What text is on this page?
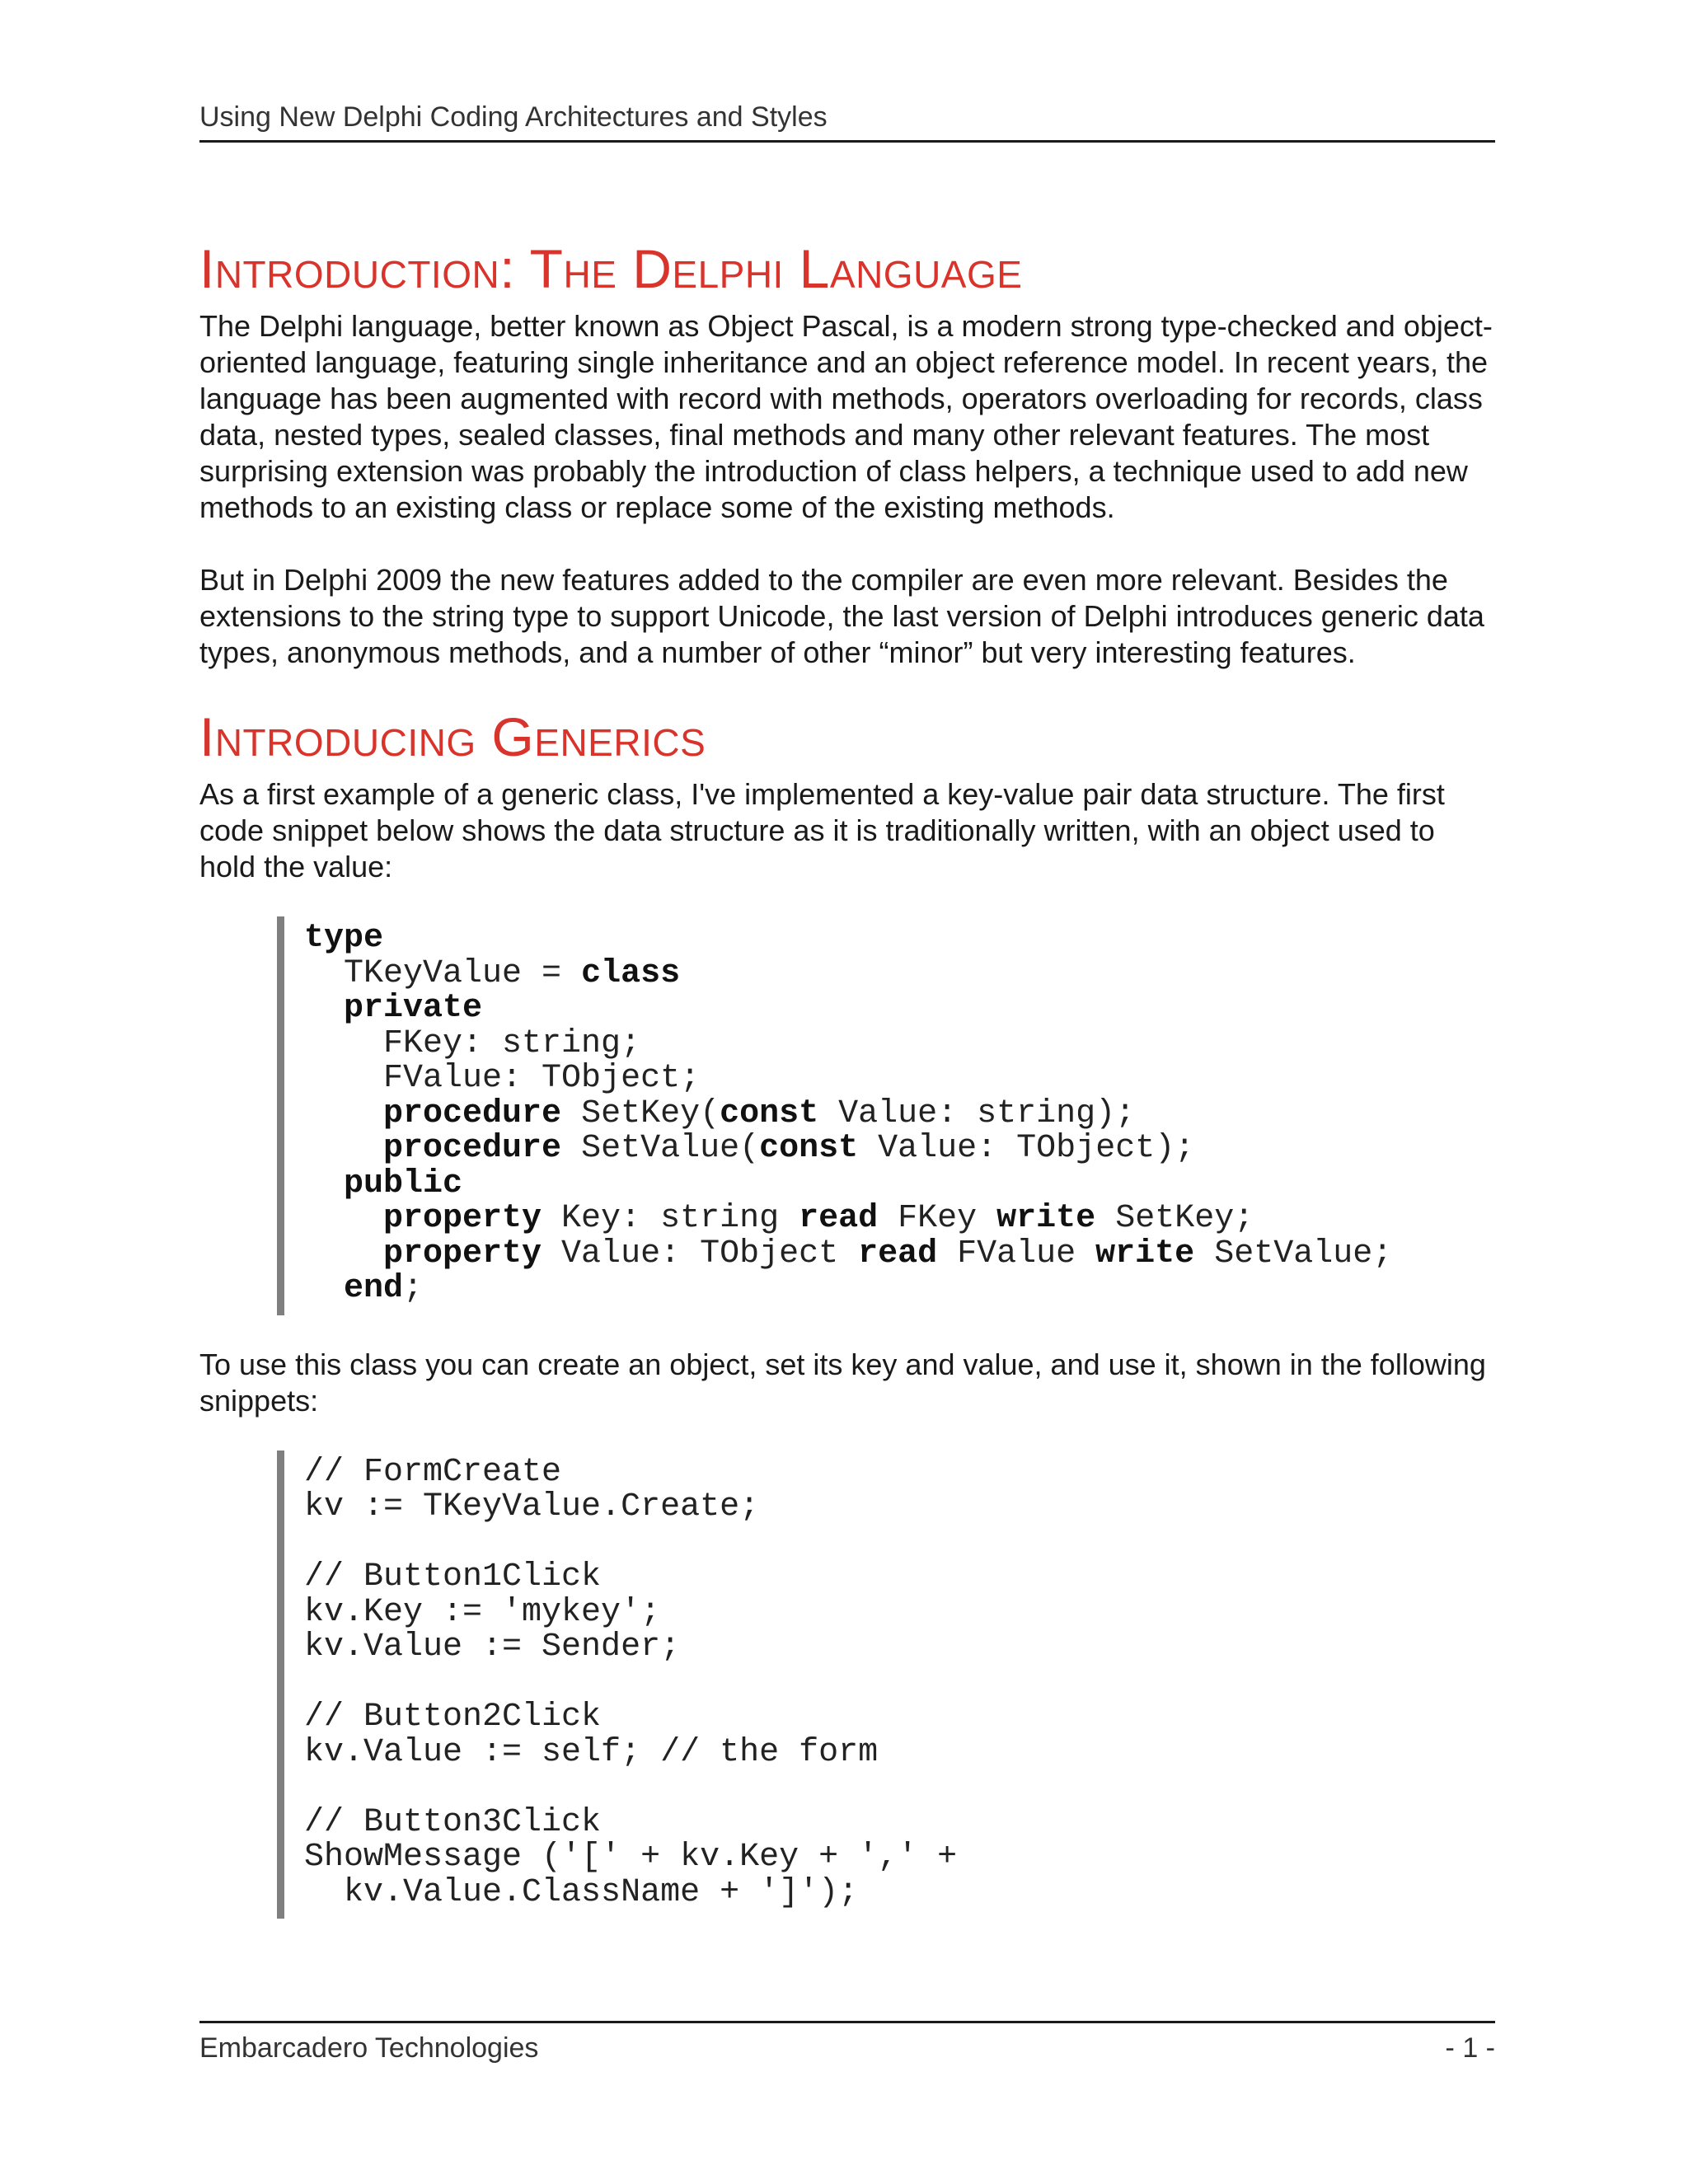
Using New Delphi Coding Architectures and Styles
Introduction: The Delphi Language

The Delphi language, better known as Object Pascal, is a modern strong type-checked and object-oriented language, featuring single inheritance and an object reference model. In recent years, the language has been augmented with record with methods, operators overloading for records, class data, nested types, sealed classes, final methods and many other relevant features. The most surprising extension was probably the introduction of class helpers, a technique used to add new methods to an existing class or replace some of the existing methods.

But in Delphi 2009 the new features added to the compiler are even more relevant. Besides the extensions to the string type to support Unicode, the last version of Delphi introduces generic data types, anonymous methods, and a number of other “minor” but very interesting features.

Introducing Generics

As a first example of a generic class, I've implemented a key-value pair data structure. The first code snippet below shows the data structure as it is traditionally written, with an object used to hold the value:

type
TKeyValue = class
private
FKey: string;
FValue: TObject;
procedure SetKey(const Value: string);
procedure SetValue(const Value: TObject);
public
property Key: string read FKey write SetKey;
property Value: TObject read FValue write SetValue;
end;

To use this class you can create an object, set its key and value, and use it, shown in the following snippets:

// FormCreate
kv := TKeyValue.Create;
// Button1Click
kv.Key := 'mykey';
kv.Value := Sender;
// Button2Click
kv.Value := self; // the form
// Button3Click
ShowMessage ('[' + kv.Key + ',' +
kv.Value.ClassName + ']');
Embarcadero Technologies	- 1 -
